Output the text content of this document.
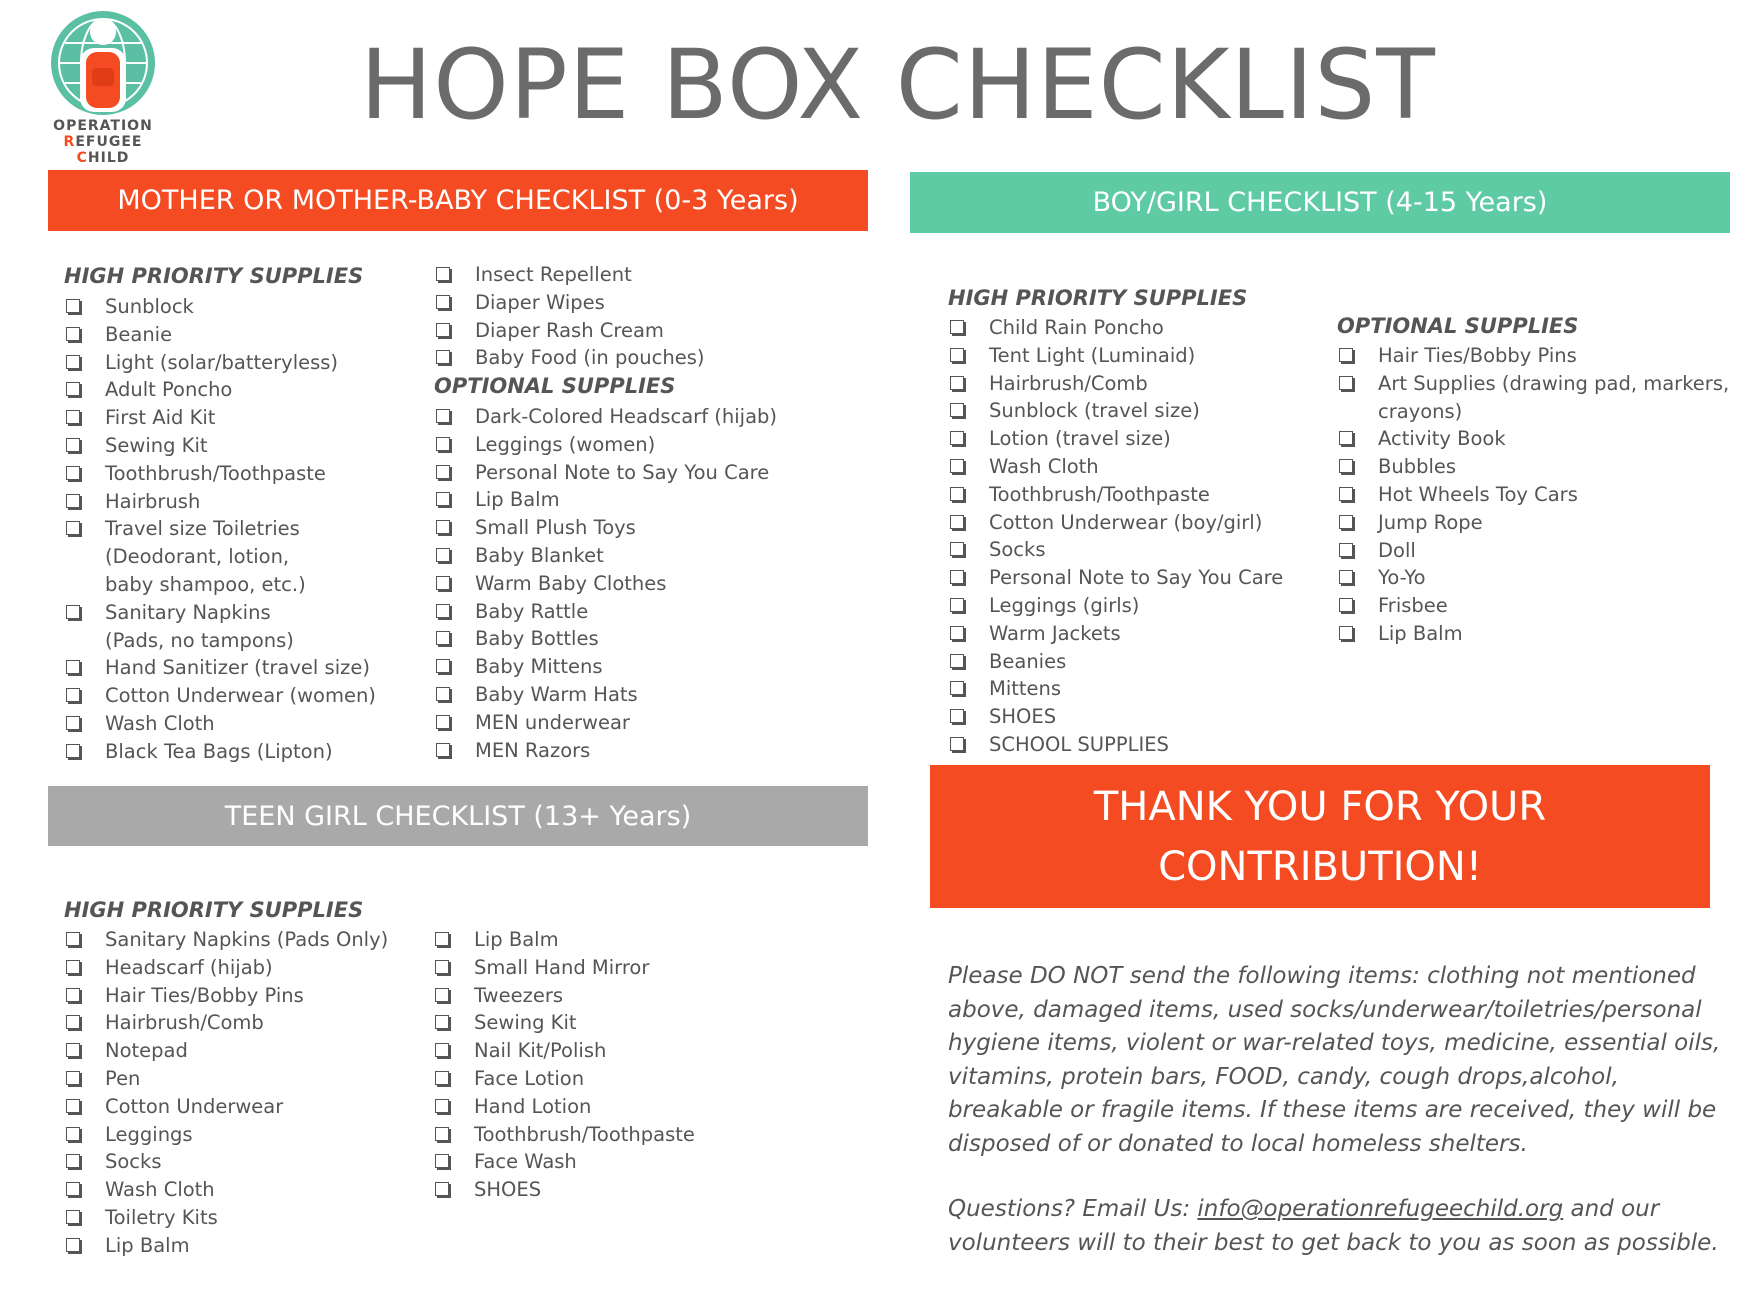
OPERATION
REFUGEE
CHILD
HOPE BOX CHECKLIST
MOTHER OR MOTHER-BABY CHECKLIST (0-3 Years)
HIGH PRIORITY SUPPLIES
Sunblock
Beanie
Light (solar/batteryless)
Adult Poncho
First Aid Kit
Sewing Kit
Toothbrush/Toothpaste
Hairbrush
Travel size Toiletries
(Deodorant, lotion,
baby shampoo, etc.)
Sanitary Napkins
(Pads, no tampons)
Hand Sanitizer (travel size)
Cotton Underwear (women)
Wash Cloth
Black Tea Bags (Lipton)
Insect Repellent
Diaper Wipes
Diaper Rash Cream
Baby Food (in pouches)
OPTIONAL SUPPLIES
Dark-Colored Headscarf (hijab)
Leggings (women)
Personal Note to Say You Care
Lip Balm
Small Plush Toys
Baby Blanket
Warm Baby Clothes
Baby Rattle
Baby Bottles
Baby Mittens
Baby Warm Hats
MEN underwear
MEN Razors
TEEN GIRL CHECKLIST (13+ Years)
HIGH PRIORITY SUPPLIES
Sanitary Napkins (Pads Only)
Headscarf (hijab)
Hair Ties/Bobby Pins
Hairbrush/Comb
Notepad
Pen
Cotton Underwear
Leggings
Socks
Wash Cloth
Toiletry Kits
Lip Balm
Lip Balm
Small Hand Mirror
Tweezers
Sewing Kit
Nail Kit/Polish
Face Lotion
Hand Lotion
Toothbrush/Toothpaste
Face Wash
SHOES
BOY/GIRL CHECKLIST (4-15 Years)
HIGH PRIORITY SUPPLIES
Child Rain Poncho
Tent Light (Luminaid)
Hairbrush/Comb
Sunblock (travel size)
Lotion (travel size)
Wash Cloth
Toothbrush/Toothpaste
Cotton Underwear (boy/girl)
Socks
Personal Note to Say You Care
Leggings (girls)
Warm Jackets
Beanies
Mittens
SHOES
SCHOOL SUPPLIES
OPTIONAL SUPPLIES
Hair Ties/Bobby Pins
Art Supplies (drawing pad, markers,
crayons)
Activity Book
Bubbles
Hot Wheels Toy Cars
Jump Rope
Doll
Yo-Yo
Frisbee
Lip Balm
THANK YOU FOR YOUR
CONTRIBUTION!
Please DO NOT send the following items: clothing not mentioned above, damaged items, used socks/underwear/toiletries/personal hygiene items, violent or war-related toys, medicine, essential oils, vitamins, protein bars, FOOD, candy, cough drops,alcohol, breakable or fragile items. If these items are received, they will be disposed of or donated to local homeless shelters.
Questions? Email Us: info@operationrefugeechild.org and our volunteers will to their best to get back to you as soon as possible.
